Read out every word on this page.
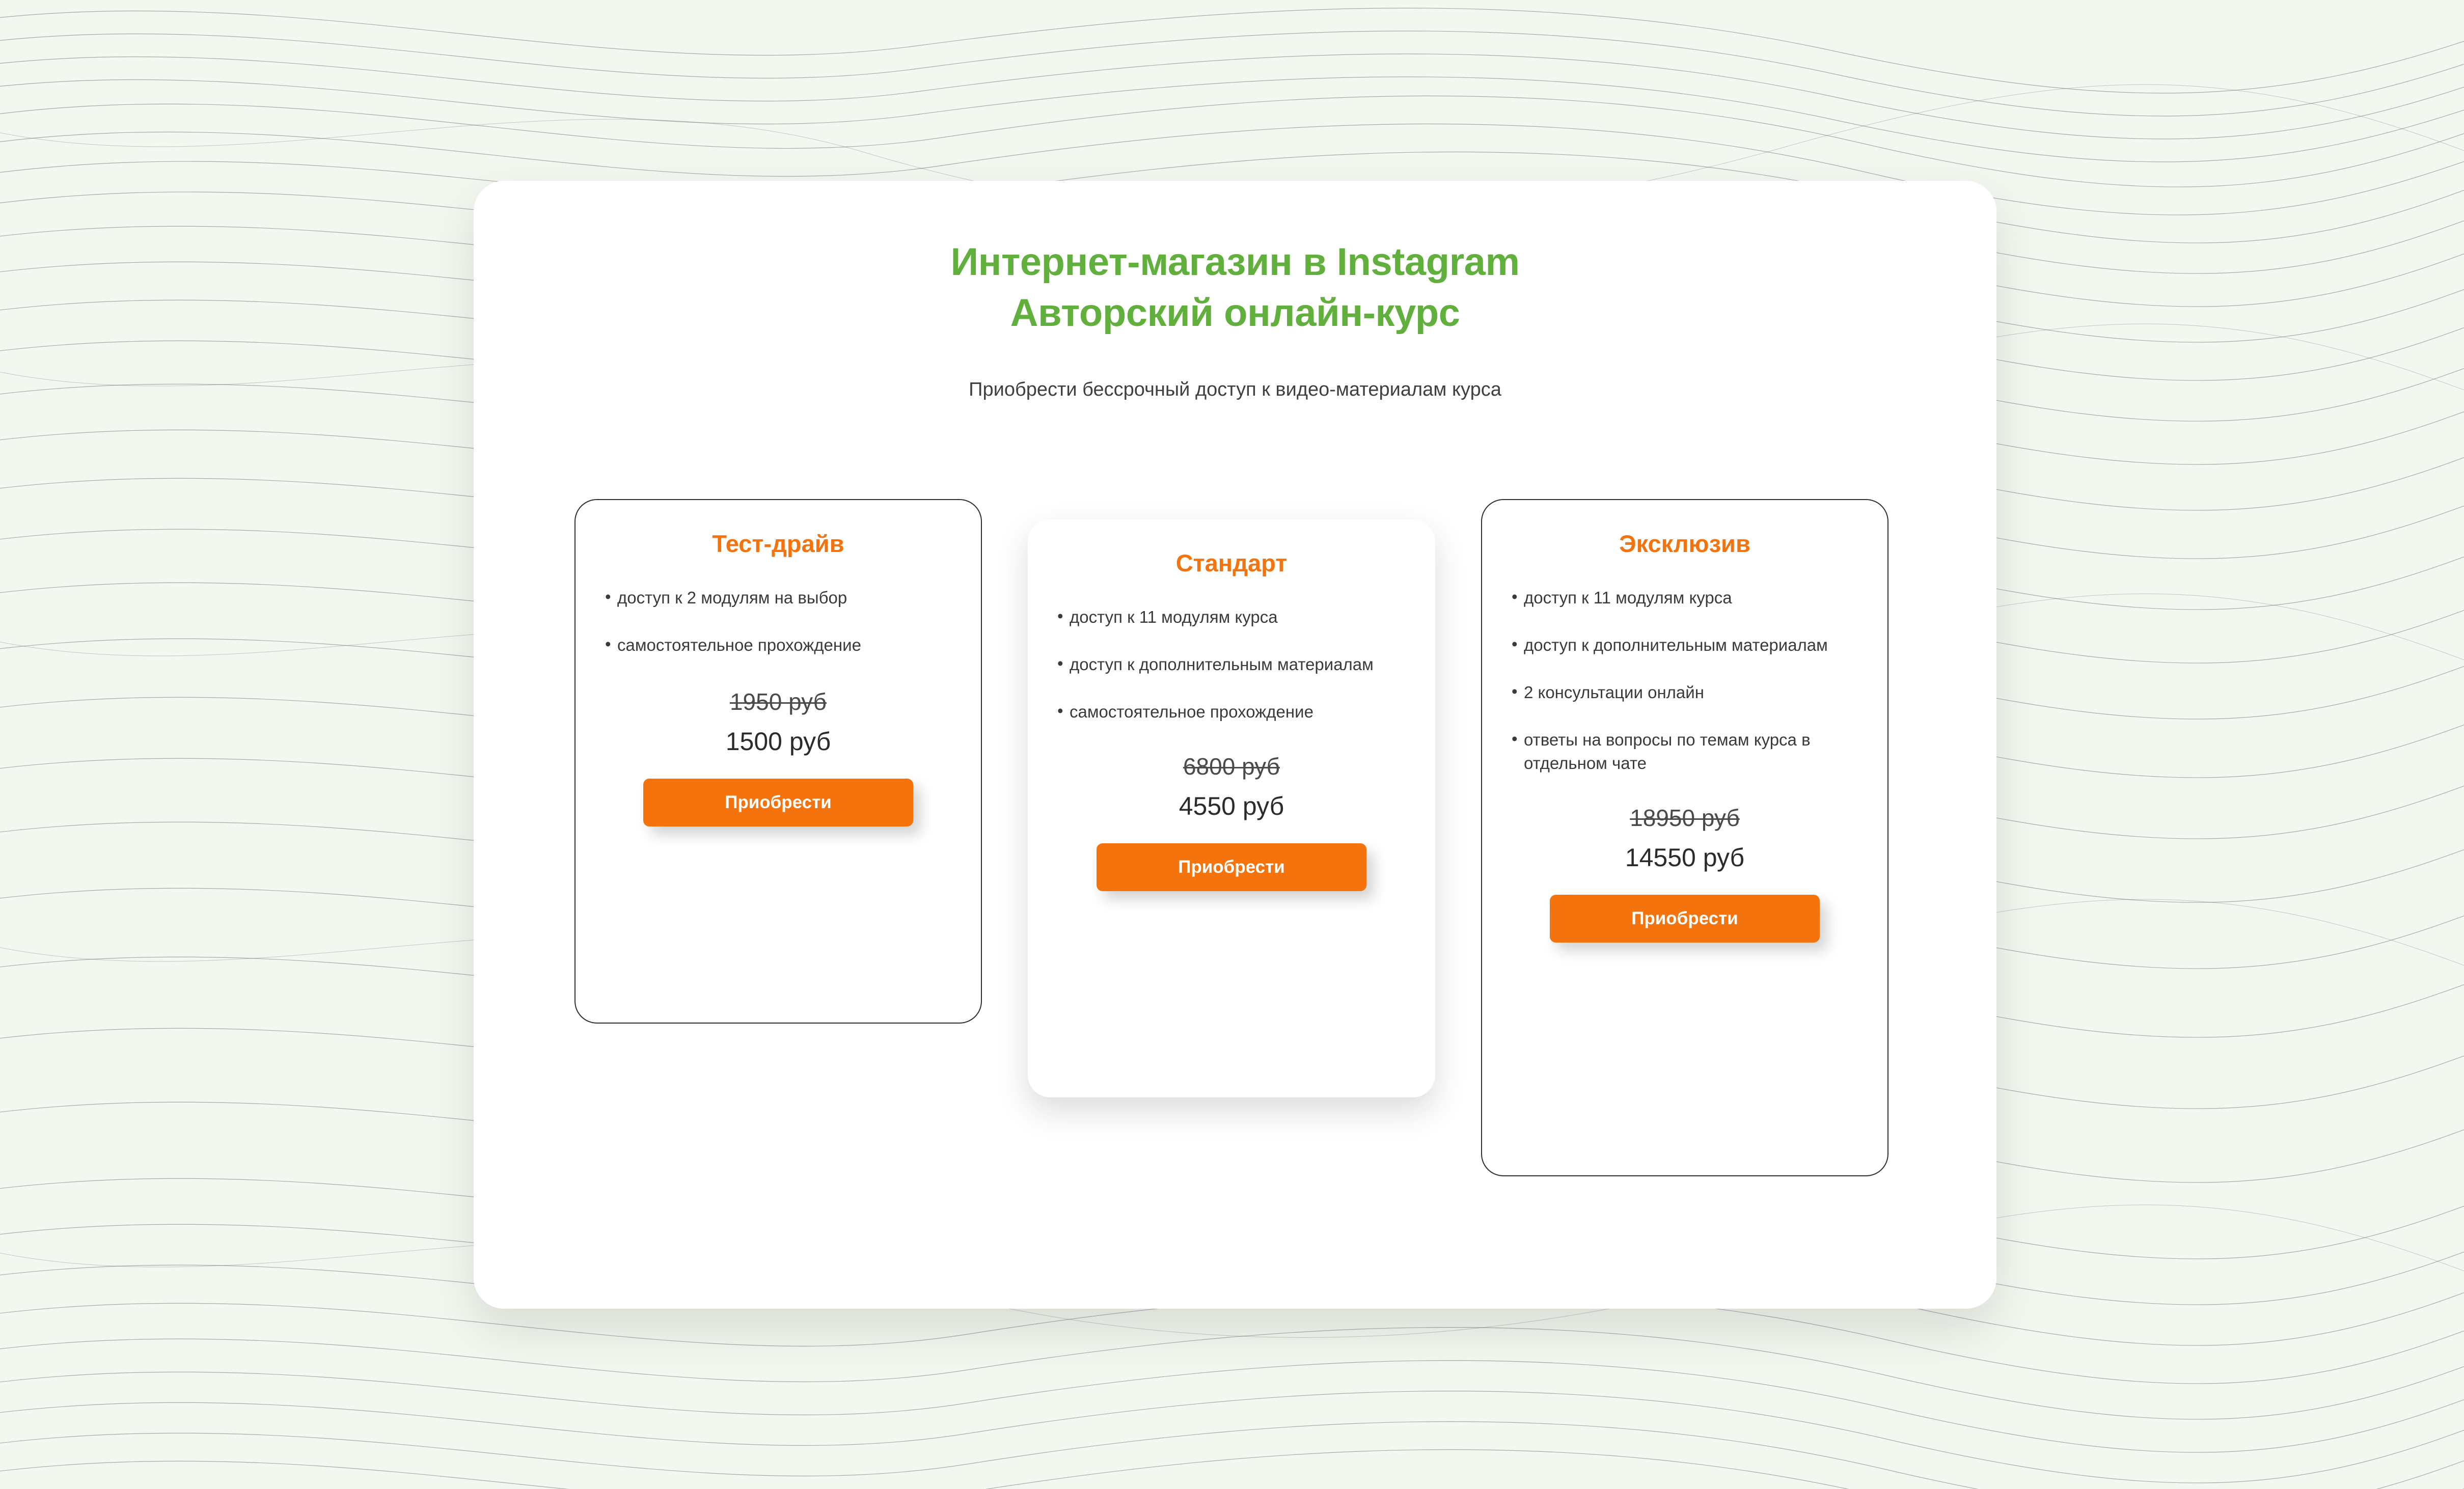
Интернет-магазин в Instagram
Авторский онлайн-курс
Приобрести бессрочный доступ к видео-материалам курса
Тест-драйв
• доступ к 2 модулям на выбор
• самостоятельное прохождение
1950 руб
1500 руб
Приобрести
Стандарт
• доступ к 11 модулям курса
• доступ к дополнительным материалам
• самостоятельное прохождение
6800 руб
4550 руб
Приобрести
Эксклюзив
• доступ к 11 модулям курса
• доступ к дополнительным материалам
• 2 консультации онлайн
• ответы на вопросы по темам курса в отдельном чате
18950 руб
14550 руб
Приобрести
